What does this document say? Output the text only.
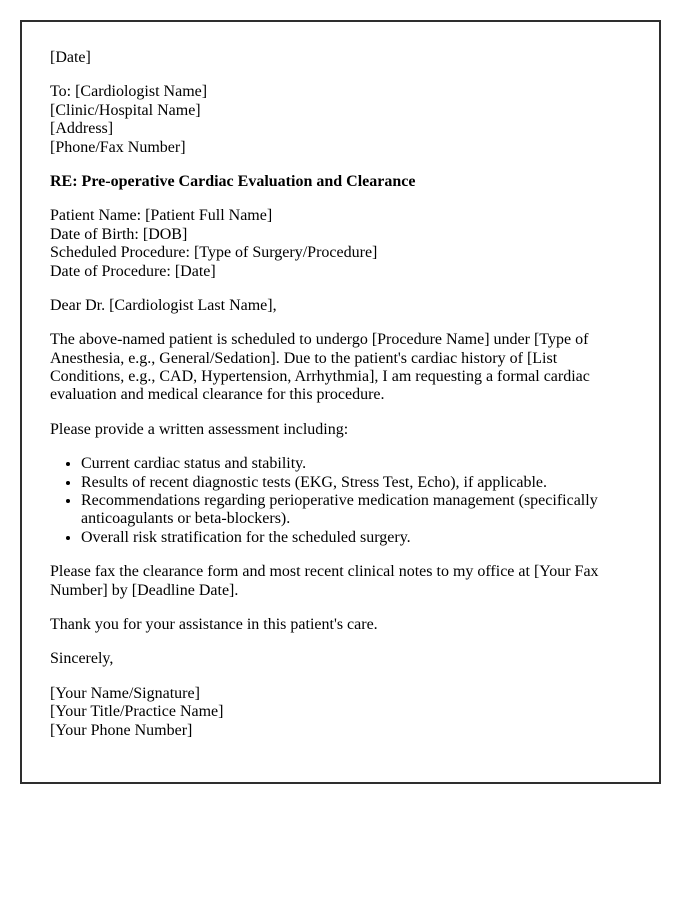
[Date]

To: [Cardiologist Name]
[Clinic/Hospital Name]
[Address]
[Phone/Fax Number]

RE: Pre-operative Cardiac Evaluation and Clearance

Patient Name: [Patient Full Name]
Date of Birth: [DOB]
Scheduled Procedure: [Type of Surgery/Procedure]
Date of Procedure: [Date]

Dear Dr. [Cardiologist Last Name],

The above-named patient is scheduled to undergo [Procedure Name] under [Type of Anesthesia, e.g., General/Sedation]. Due to the patient's cardiac history of [List Conditions, e.g., CAD, Hypertension, Arrhythmia], I am requesting a formal cardiac evaluation and medical clearance for this procedure.

Please provide a written assessment including:

• Current cardiac status and stability.
• Results of recent diagnostic tests (EKG, Stress Test, Echo), if applicable.
• Recommendations regarding perioperative medication management (specifically anticoagulants or beta-blockers).
• Overall risk stratification for the scheduled surgery.

Please fax the clearance form and most recent clinical notes to my office at [Your Fax Number] by [Deadline Date].

Thank you for your assistance in this patient's care.

Sincerely,

[Your Name/Signature]
[Your Title/Practice Name]
[Your Phone Number]
